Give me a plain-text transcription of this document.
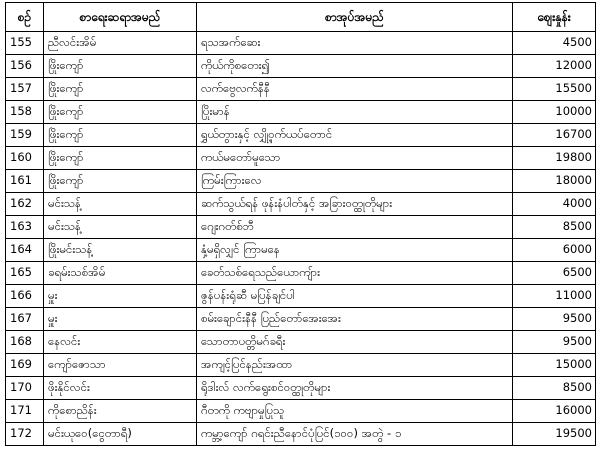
စဉ်	စာရေးဆရာအမည်	စာအုပ်အမည်	ဈေးနှုန်း
155	ညီလင်းအိမ်	ရသအက်ဆေး	4500
156	ဖြိုးကျော်	ကိုယ်ကိုစတေး၍	12000
157	ဖြိုးကျော်	လက်ဗွေလက်နီနီ	15500
158	ဖြိုးကျော်	ပြိုးမာန်	10000
159	ဖြိုးကျော်	ရွှယ်တွားနှင့် လျှို့ဝှက်ယပ်တောင်	16700
160	ဖြိုးကျော်	ကယ်မတော်မူသော	19800
161	ဖြိုးကျော်	ကြမ်းကြားလေ	18000
162	မင်းသန့်	ဆက်သွယ်ရန် ဖုန်းနံပါတ်နှင့် အခြားဝတ္ထုတိုများ	4000
163	မင်းသန့်	ဂျေးဂတ်စ်ဘီ	8500
164	ဖြိုးမင်းသန့်	နှံ့မရှိလျှင် ကြာမနေ	6000
165	ခရမ်းသစ်အိမ်	ခေတ်သစ်ရေသည်ယောကျ်ား	6500
166	မှူး	ဇွန်ပန်းရုံဆီ မပြန်ချင်ပါ	11000
167	မှူး	စမ်းချောင်းနီနီ ပြည်တော်အေးအေး	9500
168	နေလင်း	သောတာပတ္တိမဂ်ခရီး	9500
169	ကျော်ဇောသာ	အကျင့်ပြင်နည်းအထာ	15000
170	ဖိုးနိုင်လင်း	ရိုဒါးလ် လက်ရွေးစင်ဝတ္ထုတိုများ	8500
171	ကိုစောညိန်း	ဂီတကို ကဗျာမှုပြုသူ	16000
172	မင်းယုဝေ(ငွေတာရီ)	ကမ္ဘာ့ကျော် ဂရင်းညီနောင်ပုံပြင်(၁၀၀) အတွဲ - ၁	19500
